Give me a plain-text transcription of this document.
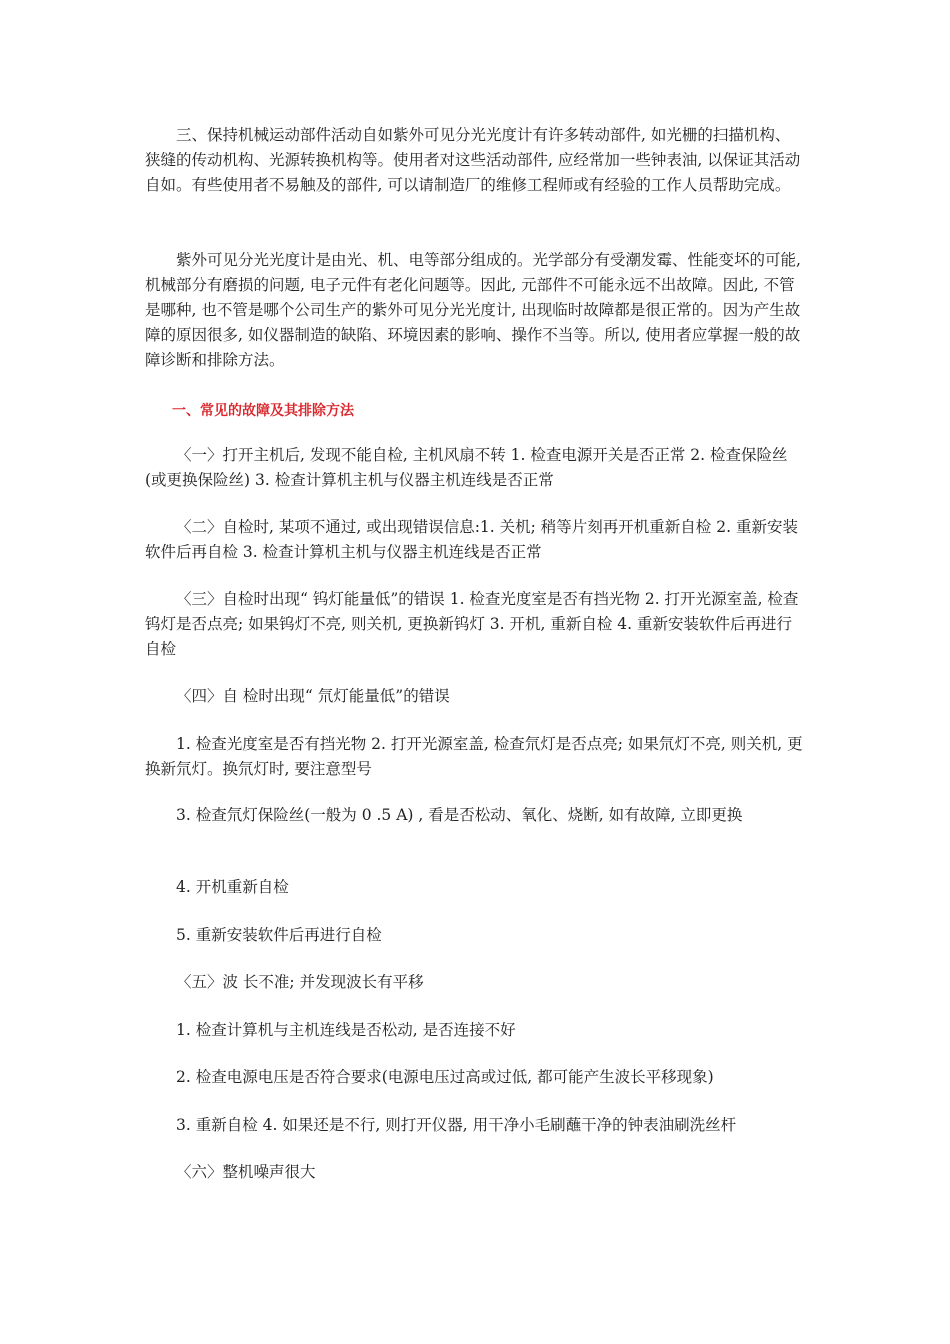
三、保持机械运动部件活动自如紫外可见分光光度计有许多转动部件, 如光栅的扫描机构、狭缝的传动机构、光源转换机构等。使用者对这些活动部件, 应经常加一些钟表油, 以保证其活动自如。有些使用者不易触及的部件, 可以请制造厂的维修工程师或有经验的工作人员帮助完成。

紫外可见分光光度计是由光、机、电等部分组成的。光学部分有受潮发霉、性能变坏的可能, 机械部分有磨损的问题, 电子元件有老化问题等。因此, 元部件不可能永远不出故障。因此, 不管是哪种, 也不管是哪个公司生产的紫外可见分光光度计, 出现临时故障都是很正常的。因为产生故障的原因很多, 如仪器制造的缺陷、环境因素的影响、操作不当等。所以, 使用者应掌握一般的故障诊断和排除方法。

一、常见的故障及其排除方法

〈一〉打开主机后, 发现不能自检, 主机风扇不转 1. 检查电源开关是否正常 2. 检查保险丝(或更换保险丝) 3. 检查计算机主机与仪器主机连线是否正常

〈二〉自检时, 某项不通过, 或出现错误信息:1. 关机; 稍等片刻再开机重新自检 2. 重新安装软件后再自检 3. 检查计算机主机与仪器主机连线是否正常

〈三〉自检时出现“ 钨灯能量低”的错误 1. 检查光度室是否有挡光物 2. 打开光源室盖, 检查钨灯是否点亮; 如果钨灯不亮, 则关机, 更换新钨灯 3. 开机, 重新自检 4. 重新安装软件后再进行自检

〈四〉自 检时出现“ 氘灯能量低”的错误

1. 检查光度室是否有挡光物 2. 打开光源室盖, 检查氘灯是否点亮; 如果氘灯不亮, 则关机, 更换新氘灯。换氘灯时, 要注意型号

3. 检查氘灯保险丝(一般为 0 .5 A) , 看是否松动、氧化、烧断, 如有故障, 立即更换

4. 开机重新自检

5. 重新安装软件后再进行自检

〈五〉波 长不准; 并发现波长有平移

1. 检查计算机与主机连线是否松动, 是否连接不好

2. 检查电源电压是否符合要求(电源电压过高或过低, 都可能产生波长平移现象)

3. 重新自检 4. 如果还是不行, 则打开仪器, 用干净小毛刷蘸干净的钟表油刷洗丝杆

〈六〉整机噪声很大
